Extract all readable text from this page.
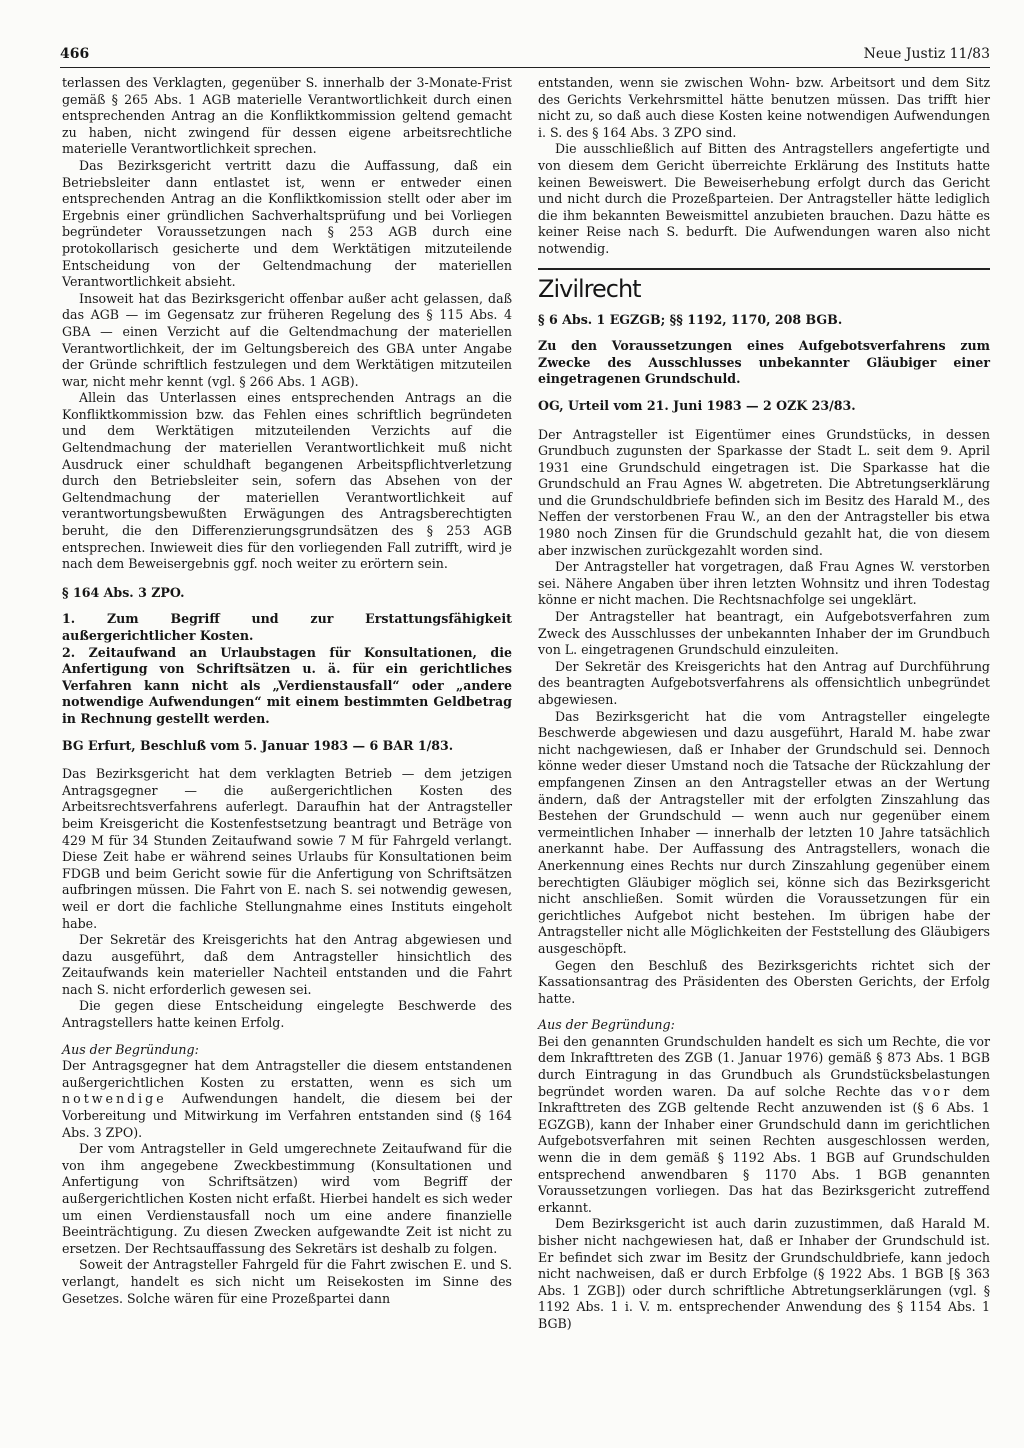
466	Neue Justiz 11/83

terlassen des Verklagten, gegenüber S. innerhalb der 3-Monate-Frist gemäß § 265 Abs. 1 AGB materielle Verantwortlichkeit durch einen entsprechenden Antrag an die Konfliktkommission geltend gemacht zu haben, nicht zwingend für dessen eigene arbeitsrechtliche materielle Verantwortlichkeit sprechen.

Das Bezirksgericht vertritt dazu die Auffassung, daß ein Betriebsleiter dann entlastet ist, wenn er entweder einen entsprechenden Antrag an die Konfliktkomission stellt oder aber im Ergebnis einer gründlichen Sachverhaltsprüfung und bei Vorliegen begründeter Voraussetzungen nach § 253 AGB durch eine protokollarisch gesicherte und dem Werktätigen mitzuteilende Entscheidung von der Geltendmachung der materiellen Verantwortlichkeit absieht.

Insoweit hat das Bezirksgericht offenbar außer acht gelassen, daß das AGB — im Gegensatz zur früheren Regelung des § 115 Abs. 4 GBA — einen Verzicht auf die Geltendmachung der materiellen Verantwortlichkeit, der im Geltungsbereich des GBA unter Angabe der Gründe schriftlich festzulegen und dem Werktätigen mitzuteilen war, nicht mehr kennt (vgl. § 266 Abs. 1 AGB).

Allein das Unterlassen eines entsprechenden Antrags an die Konfliktkommission bzw. das Fehlen eines schriftlich begründeten und dem Werktätigen mitzuteilenden Verzichts auf die Geltendmachung der materiellen Verantwortlichkeit muß nicht Ausdruck einer schuldhaft begangenen Arbeitspflichtverletzung durch den Betriebsleiter sein, sofern das Absehen von der Geltendmachung der materiellen Verantwortlichkeit auf verantwortungsbewußten Erwägungen des Antragsberechtigten beruht, die den Differenzierungsgrundsätzen des § 253 AGB entsprechen. Inwieweit dies für den vorliegenden Fall zutrifft, wird je nach dem Beweisergebnis ggf. noch weiter zu erörtern sein.

§ 164 Abs. 3 ZPO.

1. Zum Begriff und zur Erstattungsfähigkeit außergerichtlicher Kosten.

2. Zeitaufwand an Urlaubstagen für Konsultationen, die Anfertigung von Schriftsätzen u. ä. für ein gerichtliches Verfahren kann nicht als „Verdienstausfall“ oder „andere notwendige Aufwendungen“ mit einem bestimmten Geldbetrag in Rechnung gestellt werden.

BG Erfurt, Beschluß vom 5. Januar 1983 — 6 BAR 1/83.

Das Bezirksgericht hat dem verklagten Betrieb — dem jetzigen Antragsgegner — die außergerichtlichen Kosten des Arbeitsrechtsverfahrens auferlegt. Daraufhin hat der Antragsteller beim Kreisgericht die Kostenfestsetzung beantragt und Beträge von 429 M für 34 Stunden Zeitaufwand sowie 7 M für Fahrgeld verlangt. Diese Zeit habe er während seines Urlaubs für Konsultationen beim FDGB und beim Gericht sowie für die Anfertigung von Schriftsätzen aufbringen müssen. Die Fahrt von E. nach S. sei notwendig gewesen, weil er dort die fachliche Stellungnahme eines Instituts eingeholt habe.

Der Sekretär des Kreisgerichts hat den Antrag abgewiesen und dazu ausgeführt, daß dem Antragsteller hinsichtlich des Zeitaufwands kein materieller Nachteil entstanden und die Fahrt nach S. nicht erforderlich gewesen sei.

Die gegen diese Entscheidung eingelegte Beschwerde des Antragstellers hatte keinen Erfolg.

Aus der Begründung:

Der Antragsgegner hat dem Antragsteller die diesem entstandenen außergerichtlichen Kosten zu erstatten, wenn es sich um notwendige Aufwendungen handelt, die diesem bei der Vorbereitung und Mitwirkung im Verfahren entstanden sind (§ 164 Abs. 3 ZPO).

Der vom Antragsteller in Geld umgerechnete Zeitaufwand für die von ihm angegebene Zweckbestimmung (Konsultationen und Anfertigung von Schriftsätzen) wird vom Begriff der außergerichtlichen Kosten nicht erfaßt. Hierbei handelt es sich weder um einen Verdienstausfall noch um eine andere finanzielle Beeinträchtigung. Zu diesen Zwecken aufgewandte Zeit ist nicht zu ersetzen. Der Rechtsauffassung des Sekretärs ist deshalb zu folgen.

Soweit der Antragsteller Fahrgeld für die Fahrt zwischen E. und S. verlangt, handelt es sich nicht um Reisekosten im Sinne des Gesetzes. Solche wären für eine Prozeßpartei dann

entstanden, wenn sie zwischen Wohn- bzw. Arbeitsort und dem Sitz des Gerichts Verkehrsmittel hätte benutzen müssen. Das trifft hier nicht zu, so daß auch diese Kosten keine notwendigen Aufwendungen i. S. des § 164 Abs. 3 ZPO sind.

Die ausschließlich auf Bitten des Antragstellers angefertigte und von diesem dem Gericht überreichte Erklärung des Instituts hatte keinen Beweiswert. Die Beweiserhebung erfolgt durch das Gericht und nicht durch die Prozeßparteien. Der Antragsteller hätte lediglich die ihm bekannten Beweismittel anzubieten brauchen. Dazu hätte es keiner Reise nach S. bedurft. Die Aufwendungen waren also nicht notwendig.

Zivilrecht

§ 6 Abs. 1 EGZGB; §§ 1192, 1170, 208 BGB.

Zu den Voraussetzungen eines Aufgebotsverfahrens zum Zwecke des Ausschlusses unbekannter Gläubiger einer eingetragenen Grundschuld.

OG, Urteil vom 21. Juni 1983 — 2 OZK 23/83.

Der Antragsteller ist Eigentümer eines Grundstücks, in dessen Grundbuch zugunsten der Sparkasse der Stadt L. seit dem 9. April 1931 eine Grundschuld eingetragen ist. Die Sparkasse hat die Grundschuld an Frau Agnes W. abgetreten. Die Abtretungserklärung und die Grundschuldbriefe befinden sich im Besitz des Harald M., des Neffen der verstorbenen Frau W., an den der Antragsteller bis etwa 1980 noch Zinsen für die Grundschuld gezahlt hat, die von diesem aber inzwischen zurückgezahlt worden sind.

Der Antragsteller hat vorgetragen, daß Frau Agnes W. verstorben sei. Nähere Angaben über ihren letzten Wohnsitz und ihren Todestag könne er nicht machen. Die Rechtsnachfolge sei ungeklärt.

Der Antragsteller hat beantragt, ein Aufgebotsverfahren zum Zweck des Ausschlusses der unbekannten Inhaber der im Grundbuch von L. eingetragenen Grundschuld einzuleiten.

Der Sekretär des Kreisgerichts hat den Antrag auf Durchführung des beantragten Aufgebotsverfahrens als offensichtlich unbegründet abgewiesen.

Das Bezirksgericht hat die vom Antragsteller eingelegte Beschwerde abgewiesen und dazu ausgeführt, Harald M. habe zwar nicht nachgewiesen, daß er Inhaber der Grundschuld sei. Dennoch könne weder dieser Umstand noch die Tatsache der Rückzahlung der empfangenen Zinsen an den Antragsteller etwas an der Wertung ändern, daß der Antragsteller mit der erfolgten Zinszahlung das Bestehen der Grundschuld — wenn auch nur gegenüber einem vermeintlichen Inhaber — innerhalb der letzten 10 Jahre tatsächlich anerkannt habe. Der Auffassung des Antragstellers, wonach die Anerkennung eines Rechts nur durch Zinszahlung gegenüber einem berechtigten Gläubiger möglich sei, könne sich das Bezirksgericht nicht anschließen. Somit würden die Voraussetzungen für ein gerichtliches Aufgebot nicht bestehen. Im übrigen habe der Antragsteller nicht alle Möglichkeiten der Feststellung des Gläubigers ausgeschöpft.

Gegen den Beschluß des Bezirksgerichts richtet sich der Kassationsantrag des Präsidenten des Obersten Gerichts, der Erfolg hatte.

Aus der Begründung:

Bei den genannten Grundschulden handelt es sich um Rechte, die vor dem Inkrafttreten des ZGB (1. Januar 1976) gemäß § 873 Abs. 1 BGB durch Eintragung in das Grundbuch als Grundstücksbelastungen begründet worden waren. Da auf solche Rechte das vor dem Inkrafttreten des ZGB geltende Recht anzuwenden ist (§ 6 Abs. 1 EGZGB), kann der Inhaber einer Grundschuld dann im gerichtlichen Aufgebotsverfahren mit seinen Rechten ausgeschlossen werden, wenn die in dem gemäß § 1192 Abs. 1 BGB auf Grundschulden entsprechend anwendbaren § 1170 Abs. 1 BGB genannten Voraussetzungen vorliegen. Das hat das Bezirksgericht zutreffend erkannt.

Dem Bezirksgericht ist auch darin zuzustimmen, daß Harald M. bisher nicht nachgewiesen hat, daß er Inhaber der Grundschuld ist. Er befindet sich zwar im Besitz der Grundschuldbriefe, kann jedoch nicht nachweisen, daß er durch Erbfolge (§ 1922 Abs. 1 BGB [§ 363 Abs. 1 ZGB]) oder durch schriftliche Abtretungserklärungen (vgl. § 1192 Abs. 1 i. V. m. entsprechender Anwendung des § 1154 Abs. 1 BGB)
